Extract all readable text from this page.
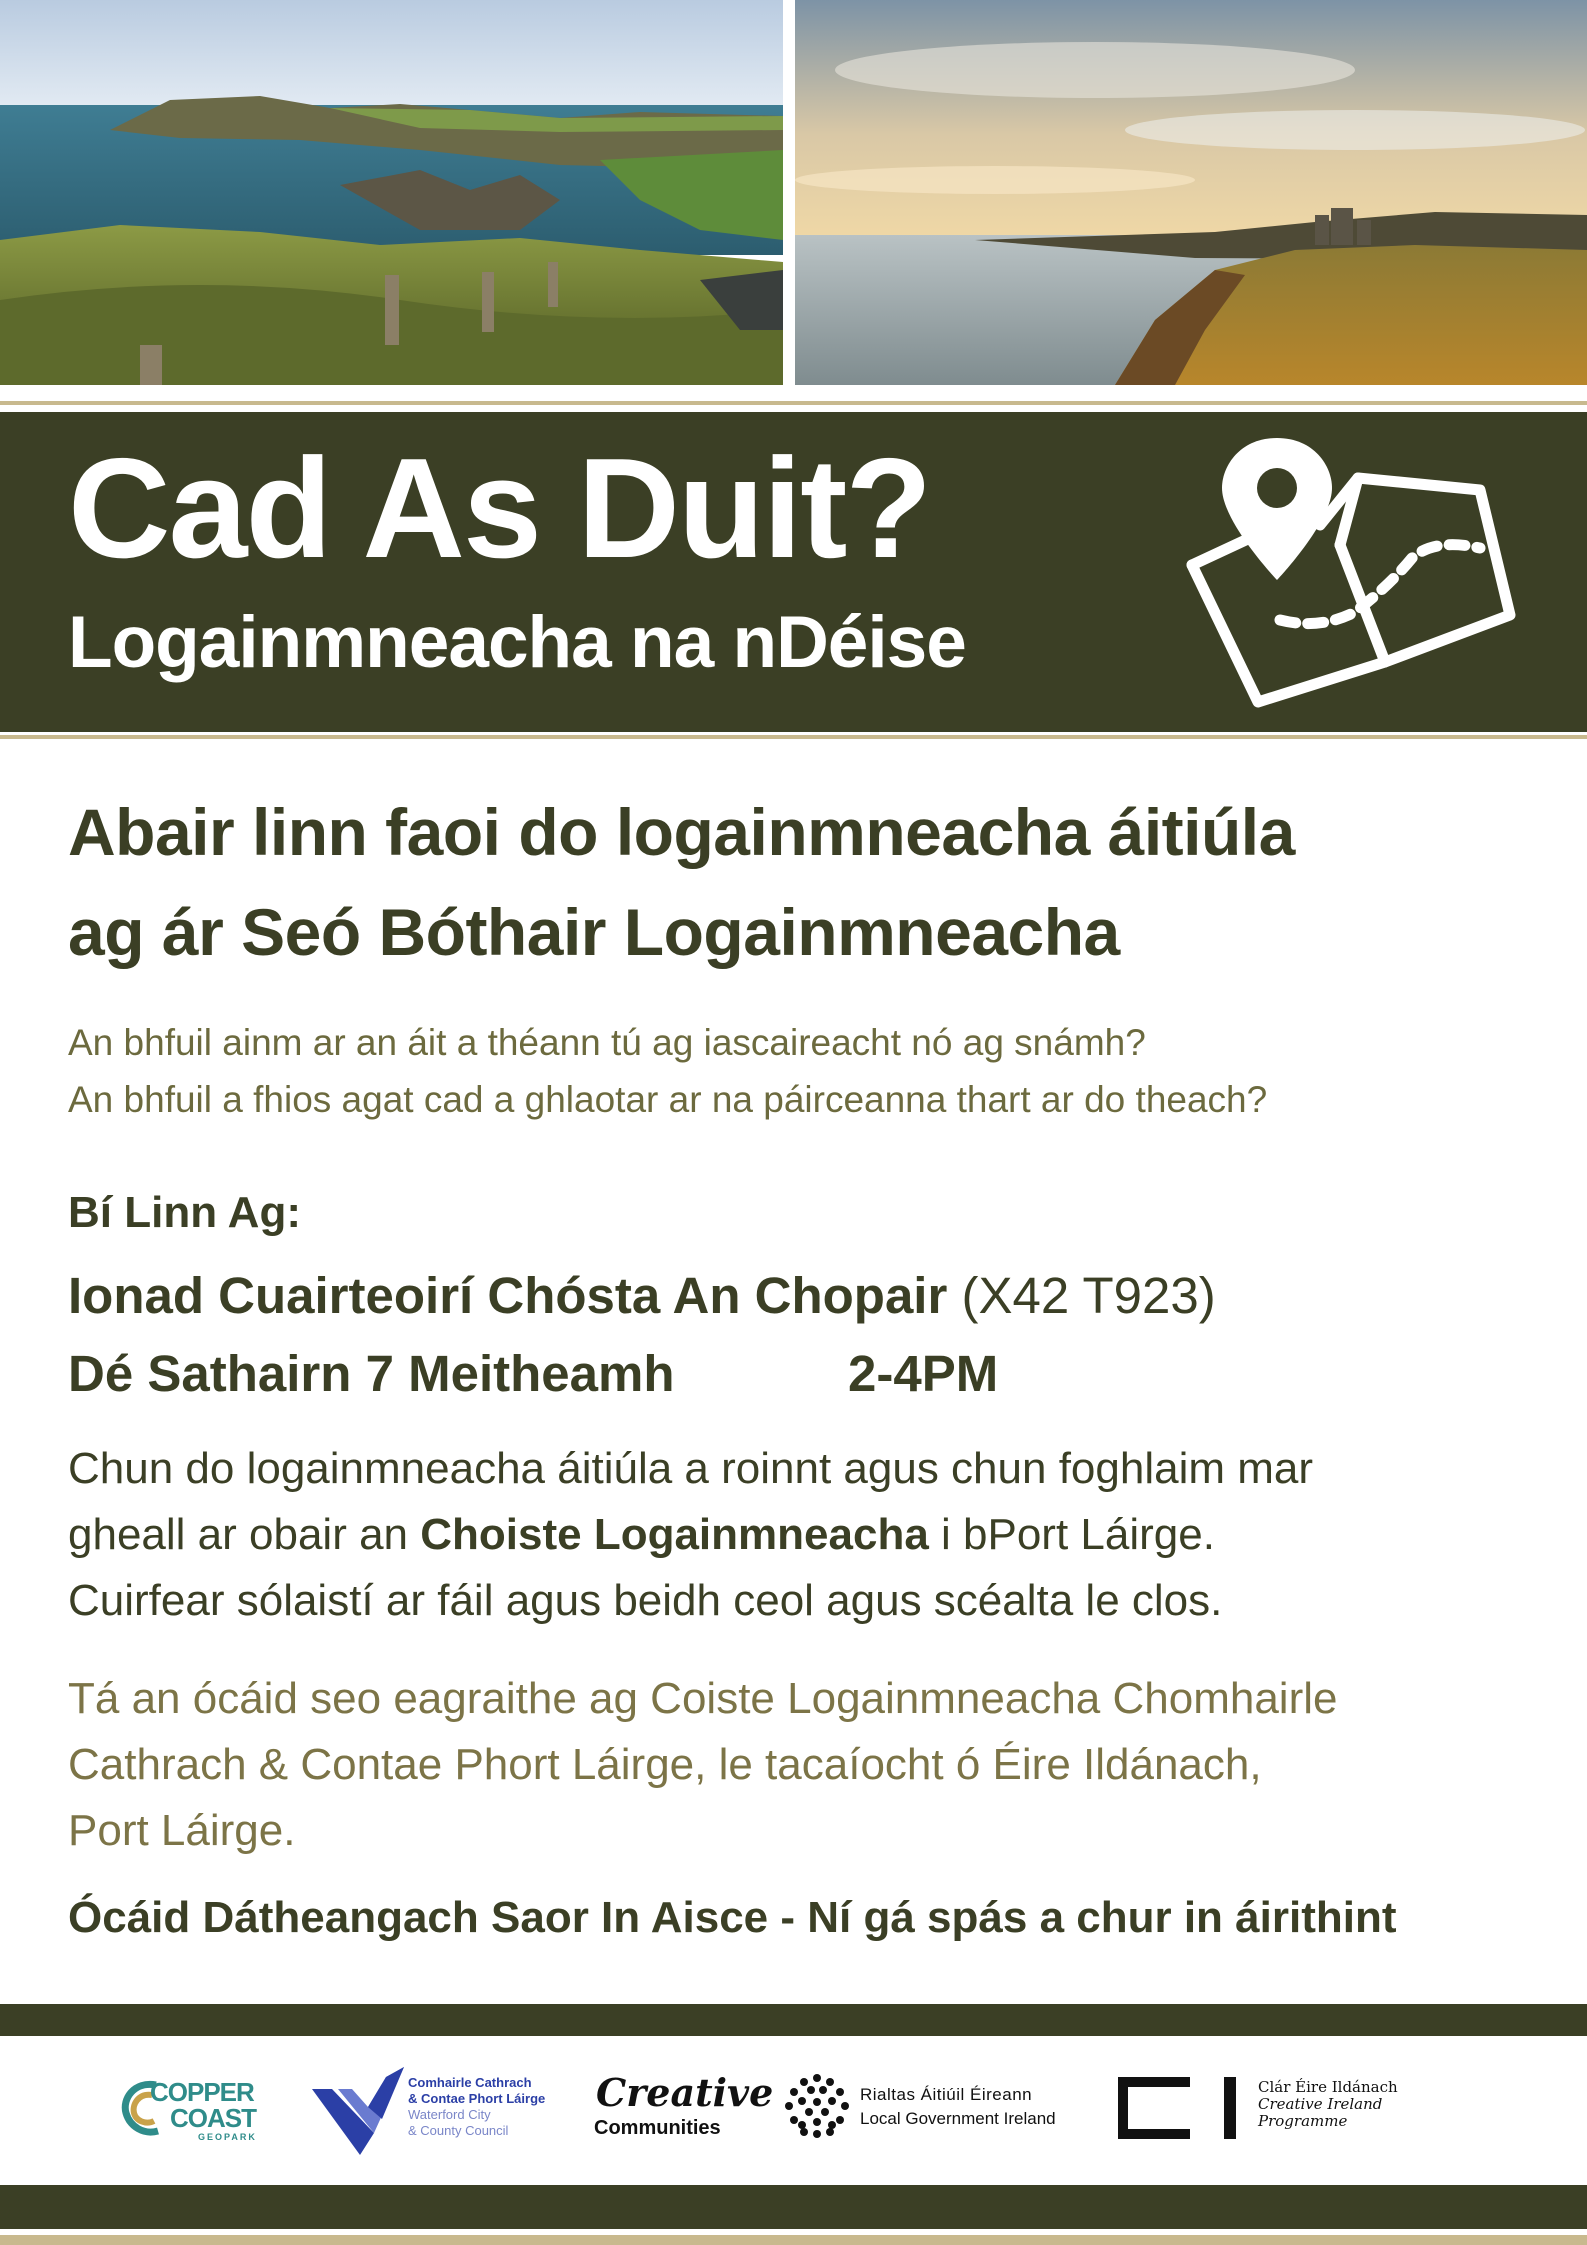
Cad As Duit?
Logainmneacha na nDéise
Abair linn faoi do logainmneacha áitiúla
ag ár Seó Bóthair Logainmneacha
An bhfuil ainm ar an áit a théann tú ag iascaireacht nó ag snámh?
An bhfuil a fhios agat cad a ghlaotar ar na páirceanna thart ar do theach?
Bí Linn Ag:
Ionad Cuairteoirí Chósta An Chopair (X42 T923)
Dé Sathairn 7 Meitheamh	2-4PM
Chun do logainmneacha áitiúla a roinnt agus chun foghlaim mar
gheall ar obair an Choiste Logainmneacha i bPort Láirge.
Cuirfear sólaistí ar fáil agus beidh ceol agus scéalta le clos.
Tá an ócáid seo eagraithe ag Coiste Logainmneacha Chomhairle
Cathrach & Contae Phort Láirge, le tacaíocht ó Éire Ildánach,
Port Láirge.
Ócáid Dátheangach Saor In Aisce - Ní gá spás a chur in áirithint
COPPER
COAST
GEOPARK
Comhairle Cathrach
& Contae Phort Láirge
Waterford City
& County Council
Creative
Communities
Rialtas Áitiúil Éireann
Local Government Ireland
Clár Éire Ildánach
Creative Ireland
Programme
